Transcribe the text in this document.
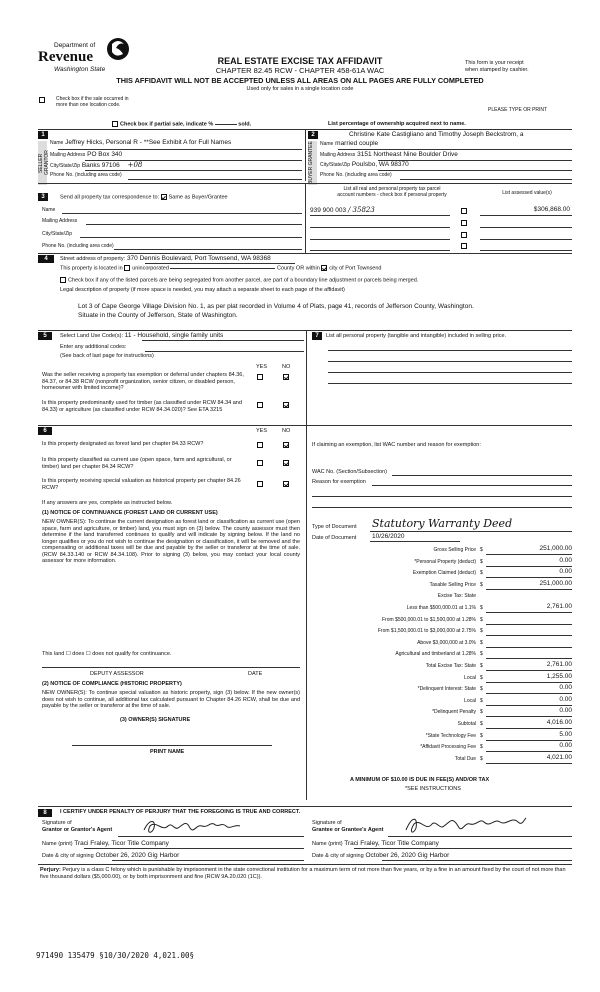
Department of
Revenue
Washington State
REAL ESTATE EXCISE TAX AFFIDAVIT
CHAPTER 82.45 RCW - CHAPTER 458-61A WAC
THIS AFFIDAVIT WILL NOT BE ACCEPTED UNLESS ALL AREAS ON ALL PAGES ARE FULLY COMPLETED
Used only for sales in a single location code
This form is your receipt
when stamped by cashier.
Check box if the sale occurred in
more than one location code.
PLEASE TYPE OR PRINT
Check box if partial sale, indicate %	sold.	List percentage of ownership acquired next to name.
1
SELLER GRANTOR
Name Jeffrey Hicks, Personal R - **See Exhibit A for Full Names
Mailing Address PO Box 340
City/State/Zip Banks 97106 +08
Phone No. (including area code)
2
BUYER GRANTEE
Christine Kate Castigliano and Timothy Joseph Beckstrom, a
Name married couple
Mailing Address 3151 Northeast Nine Boulder Drive
City/State/Zip Poulsbo, WA 98370
Phone No. (including area code)
3	Send all property tax correspondence to: Same as Buyer/Grantee
Name
Mailing Address
City/State/Zip
Phone No. (including area code)
List all real and personal property tax parcel
account numbers - check box if personal property	List assessed value(s)
939 900 003 / 35823	$306,868.00
4	Street address of property: 370 Dennis Boulevard, Port Townsend, WA 98368
This property is located in unincorporated	County OR within city of Port Townsend
Check box if any of the listed parcels are being segregated from another parcel, are part of a boundary line adjustment or parcels being merged.
Legal description of property (if more space is needed, you may attach a separate sheet to each page of the affidavit)
Lot 3 of Cape George Village Division No. 1, as per plat recorded in Volume 4 of Plats, page 41, records of Jefferson County, Washington.
Situate in the County of Jefferson, State of Washington.
5	Select Land Use Code(s): 11 - Household, single family units
Enter any additional codes:
(See back of last page for instructions)
YES	NO
Was the seller receiving a property tax exemption or deferral under chapters 84.36, 84.37, or 84.38 RCW (nonprofit organization, senior citizen, or disabled person, homeowner with limited income)?
Is this property predominantly used for timber (as classified under RCW 84.34 and 84.33) or agriculture (as classified under RCW 84.34.020)? See ETA 3215
7	List all personal property (tangible and intangible) included in selling price.
6	YES	NO
Is this property designated as forest land per chapter 84.33 RCW?
Is this property classified as current use (open space, farm and agricultural, or timber) land per chapter 84.34 RCW?
Is this property receiving special valuation as historical property per chapter 84.26 RCW?
If any answers are yes, complete as instructed below.
(1) NOTICE OF CONTINUANCE (FOREST LAND OR CURRENT USE)
NEW OWNER(S): To continue the current designation as forest land or classification as current use (open space, farm and agriculture, or timber) land, you must sign on (3) below. The county assessor must then determine if the land transferred continues to qualify and will indicate by signing below. If the land no longer qualifies or you do not wish to continue the designation or classification, it will be removed and the compensating or additional taxes will be due and payable by the seller or transferor at the time of sale. (RCW 84.33.140 or RCW 84.34.108). Prior to signing (3) below, you may contact your local county assessor for more information.
This land ☐ does ☐ does not qualify for continuance.
DEPUTY ASSESSOR	DATE
(2) NOTICE OF COMPLIANCE (HISTORIC PROPERTY)
NEW OWNER(S): To continue special valuation as historic property, sign (3) below. If the new owner(s) does not wish to continue, all additional tax calculated pursuant to Chapter 84.26 RCW, shall be due and payable by the seller or transferor at the time of sale.
(3) OWNER(S) SIGNATURE
PRINT NAME
If claiming an exemption, list WAC number and reason for exemption:
WAC No. (Section/Subsection)
Reason for exemption
Type of Document Statutory Warranty Deed
Date of Document 10/26/2020
Gross Selling Price $	251,000.00
*Personal Property (deduct) $	0.00
Exemption Claimed (deduct) $	0.00
Taxable Selling Price $	251,000.00
Excise Tax: State
Less than $500,000.01 at 1.1% $	2,761.00
From $500,000.01 to $1,500,000 at 1.28% $
From $1,500,000.01 to $3,000,000 at 2.75% $
Above $3,000,000 at 3.0% $
Agricultural and timberland at 1.28% $
Total Excise Tax: State $	2,761.00
Local $	1,255.00
*Delinquent Interest: State $	0.00
Local $	0.00
*Delinquent Penalty $	0.00
Subtotal $	4,016.00
*State Technology Fee $	5.00
*Affidavit Processing Fee $	0.00
Total Due $	4,021.00
A MINIMUM OF $10.00 IS DUE IN FEE(S) AND/OR TAX
*SEE INSTRUCTIONS
8	I CERTIFY UNDER PENALTY OF PERJURY THAT THE FOREGOING IS TRUE AND CORRECT.
Signature of
Grantor or Grantor's Agent
Signature of
Grantee or Grantee's Agent
Name (print) Traci Fraley, Ticor Title Company	Name (print) Traci Fraley, Ticor Title Company
Date & city of signing October 26, 2020 Gig Harbor	Date & city of signing October 26, 2020 Gig Harbor
Perjury: Perjury is a class C felony which is punishable by imprisonment in the state correctional institution for a maximum term of not more than five years, or by a fine in an amount fixed by the court of not more than five thousand dollars ($5,000.00), or by both imprisonment and fine (RCW 9A.20.020 (1C)).
971490 135479 §10/30/2020 4,021.00§
